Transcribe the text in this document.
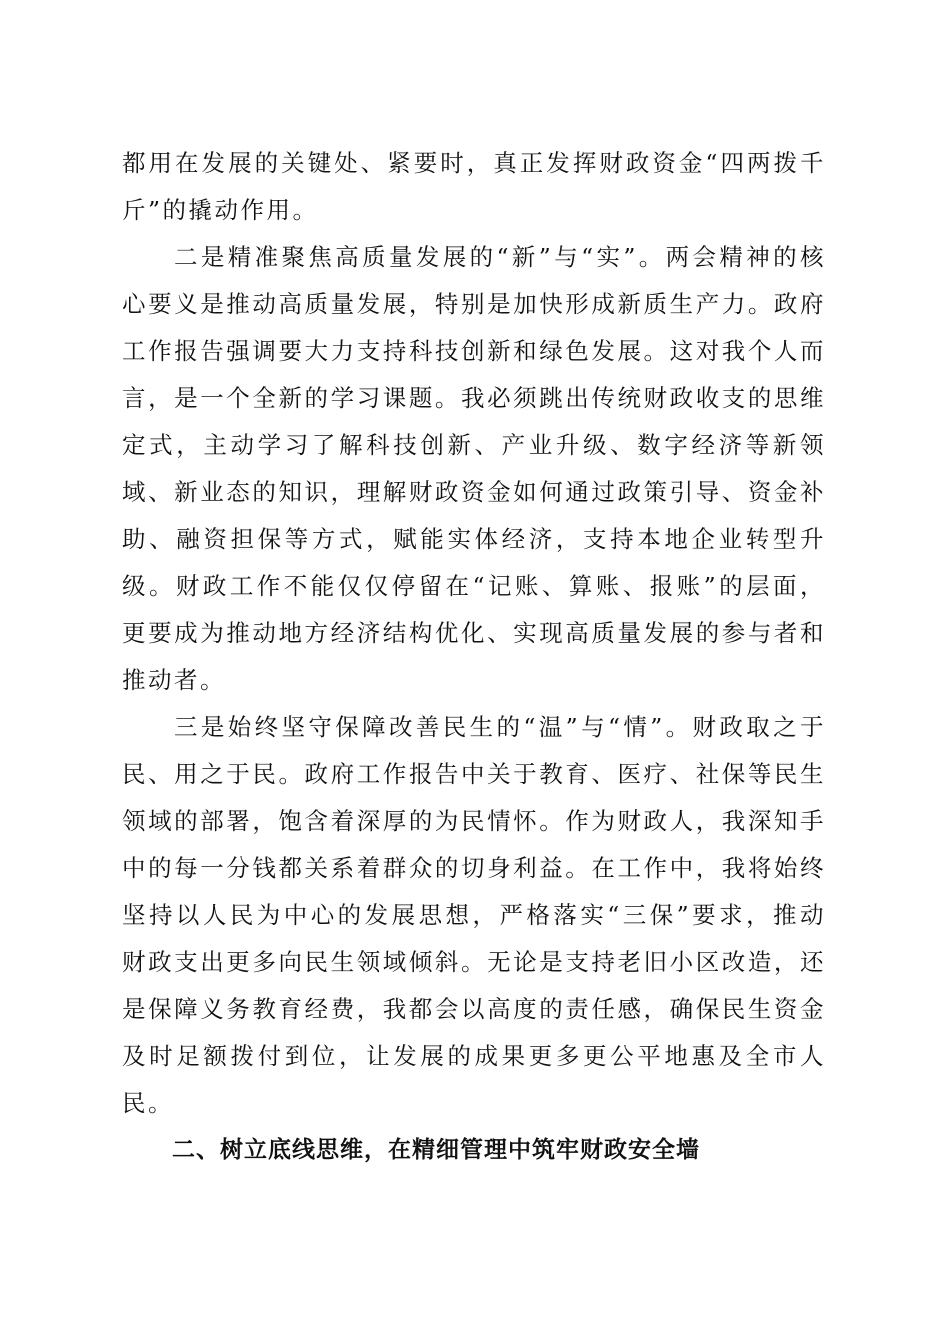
都用在发展的关键处、紧要时，真正发挥财政资金“四两拨千斤”的撬动作用。

二是精准聚焦高质量发展的“新”与“实”。两会精神的核心要义是推动高质量发展，特别是加快形成新质生产力。政府工作报告强调要大力支持科技创新和绿色发展。这对我个人而言，是一个全新的学习课题。我必须跳出传统财政收支的思维定式，主动学习了解科技创新、产业升级、数字经济等新领域、新业态的知识，理解财政资金如何通过政策引导、资金补助、融资担保等方式，赋能实体经济，支持本地企业转型升级。财政工作不能仅仅停留在“记账、算账、报账”的层面，更要成为推动地方经济结构优化、实现高质量发展的参与者和推动者。

三是始终坚守保障改善民生的“温”与“情”。财政取之于民、用之于民。政府工作报告中关于教育、医疗、社保等民生领域的部署，饱含着深厚的为民情怀。作为财政人，我深知手中的每一分钱都关系着群众的切身利益。在工作中，我将始终坚持以人民为中心的发展思想，严格落实“三保”要求，推动财政支出更多向民生领域倾斜。无论是支持老旧小区改造，还是保障义务教育经费，我都会以高度的责任感，确保民生资金及时足额拨付到位，让发展的成果更多更公平地惠及全市人民。

二、树立底线思维，在精细管理中筑牢财政安全墙
